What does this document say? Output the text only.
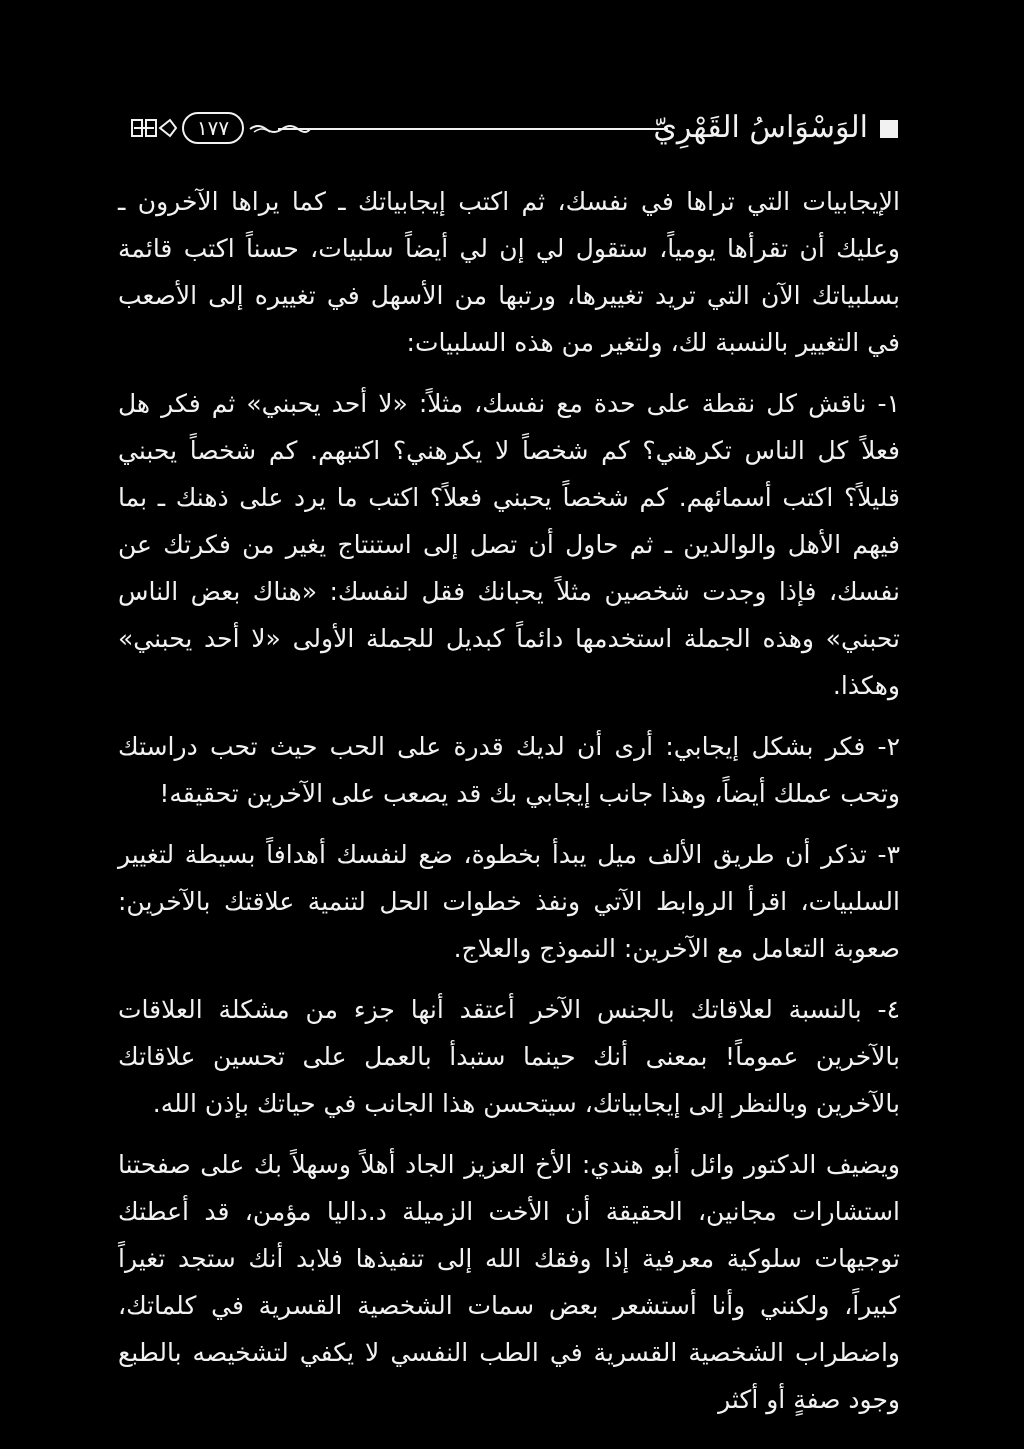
الوَسْوَاسُ القَهْرِيّ
١٧٧

الإيجابيات التي تراها في نفسك، ثم اكتب إيجابياتك ـ كما يراها الآخرون ـ وعليك أن تقرأها يومياً، ستقول لي إن لي أيضاً سلبيات، حسناً اكتب قائمة بسلبياتك الآن التي تريد تغييرها، ورتبها من الأسهل في تغييره إلى الأصعب في التغيير بالنسبة لك، ولتغير من هذه السلبيات:

١- ناقش كل نقطة على حدة مع نفسك، مثلاً: «لا أحد يحبني» ثم فكر هل فعلاً كل الناس تكرهني؟ كم شخصاً لا يكرهني؟ اكتبهم. كم شخصاً يحبني قليلاً؟ اكتب أسمائهم. كم شخصاً يحبني فعلاً؟ اكتب ما يرد على ذهنك ـ بما فيهم الأهل والوالدين ـ ثم حاول أن تصل إلى استنتاج يغير من فكرتك عن نفسك، فإذا وجدت شخصين مثلاً يحبانك فقل لنفسك: «هناك بعض الناس تحبني» وهذه الجملة استخدمها دائماً كبديل للجملة الأولى «لا أحد يحبني» وهكذا.

٢- فكر بشكل إيجابي: أرى أن لديك قدرة على الحب حيث تحب دراستك وتحب عملك أيضاً، وهذا جانب إيجابي بك قد يصعب على الآخرين تحقيقه!

٣- تذكر أن طريق الألف ميل يبدأ بخطوة، ضع لنفسك أهدافاً بسيطة لتغيير السلبيات، اقرأ الروابط الآتي ونفذ خطوات الحل لتنمية علاقتك بالآخرين: صعوبة التعامل مع الآخرين: النموذج والعلاج.

٤- بالنسبة لعلاقاتك بالجنس الآخر أعتقد أنها جزء من مشكلة العلاقات بالآخرين عموماً! بمعنى أنك حينما ستبدأ بالعمل على تحسين علاقاتك بالآخرين وبالنظر إلى إيجابياتك، سيتحسن هذا الجانب في حياتك بإذن الله.

ويضيف الدكتور وائل أبو هندي: الأخ العزيز الجاد أهلاً وسهلاً بك على صفحتنا استشارات مجانين، الحقيقة أن الأخت الزميلة د.داليا مؤمن، قد أعطتك توجيهات سلوكية معرفية إذا وفقك الله إلى تنفيذها فلابد أنك ستجد تغيراً كبيراً، ولكنني وأنا أستشعر بعض سمات الشخصية القسرية في كلماتك، واضطراب الشخصية القسرية في الطب النفسي لا يكفي لتشخيصه بالطبع وجود صفةٍ أو أكثر
